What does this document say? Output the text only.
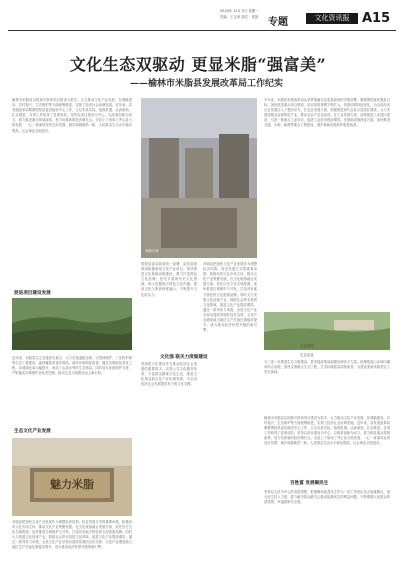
2016年 12月 5日 星期一
责编：王宝泉 版式：张凯 专题	文化资讯报 A15
文化生态双驱动 更显米脂“强富美”
——榆林市米脂县发展改革局工作纪实
榆林市米脂县以招商引资和项目建设为抓手，大力推动文化产业发展，在城镇建设、乡村振兴、生态保护等方面统筹推进，实现了经济社会协调发展。近年来，县发展改革局紧紧围绕县委县政府中心工作，立足本县实际，抢抓机遇，认真谋划，扎实推进，各项工作取得了显著成效。坚持以项目建设为中心，以改革创新为动力，着力推进重点领域改革，努力培育新的经济增长点。全县上下形成了齐心协力抓发展、一心一意谋项目的良好氛围，城乡面貌焕然一新，人民群众生活水平稳步提高，社会事业全面进步。
促进项目建设发展
近年来，米脂县以生态建设为重点，大力实施退耕还林、天然林保护、三北防护林等生态工程建设，森林覆盖率逐年提高，城乡环境明显改善。通过实施绿化美化工程，县城绿化率大幅提升，形成了山清水秀的生态格局。同时加大环境保护力度，严格落实环境保护目标责任制，推动生态文明建设迈上新台阶。
生态文化产业发展
魅力米脂
米脂县把加快文化产业发展作为调整经济结构、转变发展方式的重要举措，积极培育文化市场主体，推动文化产业集聚发展。在文化旅游融合发展方面，依托历史文化名城资源，加快推进古城保护与开发，打造具有地方特色的文化旅游品牌。同时大力发展文化创意产业，鼓励社会资本投资文化领域，促进文化产业提质增效。通过一系列有力举措，全县文化产业呈现出蓬勃发展的良好态势，文化产业增加值占地区生产总值比重稳步提升，成为推动经济转型升级的新引擎。
米脂古城
按照县委县政府统一部署，县发展改革局积极谋划文化产业项目，加快推进文化基础设施建设，着力打造特色文化品牌。依托丰富的历史文化资源，深入挖掘地方特色文化内涵，推动文化与旅游深度融合，不断提升文化软实力。
文化强 联关力度做建设
坚持把文化建设作为推动经济社会发展的重要抓手，完善公共文化服务体系，丰富群众精神文化生活，推进文化事业和文化产业协调发展，为全县经济社会发展提供有力的文化支撑。
米脂县把加快文化产业发展作为调整经济结构、转变发展方式的重要举措，积极培育文化市场主体，推动文化产业集聚发展。在文化旅游融合发展方面，依托历史文化名城资源，加快推进古城保护与开发，打造具有地方特色的文化旅游品牌。同时大力发展文化创意产业，鼓励社会资本投资文化领域，促进文化产业提质增效。通过一系列有力举措，全县文化产业呈现出蓬勃发展的良好态势，文化产业增加值占地区生产总值比重稳步提升，成为推动经济转型升级的新引擎。
多年来，米脂县发展改革局认真贯彻落实县委县政府的决策部署，紧紧围绕富民强县目标，加快推进重点项目建设，项目投资规模不断扩大，投资结构持续优化，为全县经济社会发展注入了强劲动力。在农业发展方面，积极推进现代农业示范园区建设，大力发展设施农业和特色产业，推动农业产业化经营。在工业发展方面，加快推进工业园区建设，引进一批重点工业项目，促进工业经济提质增效。在基础设施建设方面，加快推进交通、水利、能源等重点工程建设，城乡基础设施条件明显改善。
生态农业
为了进一步推进生态文明建设，县发展改革局积极协调各方力量，统筹推进山水林田湖草综合治理，加快实施重点生态工程，生态环境质量持续改善，为建设美丽米脂奠定了坚实基础。
百姓富 发展聚民生
坚持以人民为中心的发展思想，把保障和改善民生作为一切工作的出发点和落脚点，加大民生投入力度，着力解决群众最关心最直接最现实的利益问题，不断增强人民群众的获得感、幸福感和安全感。
榆林市米脂县以招商引资和项目建设为抓手，大力推动文化产业发展，在城镇建设、乡村振兴、生态保护等方面统筹推进，实现了经济社会协调发展。近年来，县发展改革局紧紧围绕县委县政府中心工作，立足本县实际，抢抓机遇，认真谋划，扎实推进，各项工作取得了显著成效。坚持以项目建设为中心，以改革创新为动力，着力推进重点领域改革，努力培育新的经济增长点。全县上下形成了齐心协力抓发展、一心一意谋项目的良好氛围，城乡面貌焕然一新，人民群众生活水平稳步提高，社会事业全面进步。
文化资源
